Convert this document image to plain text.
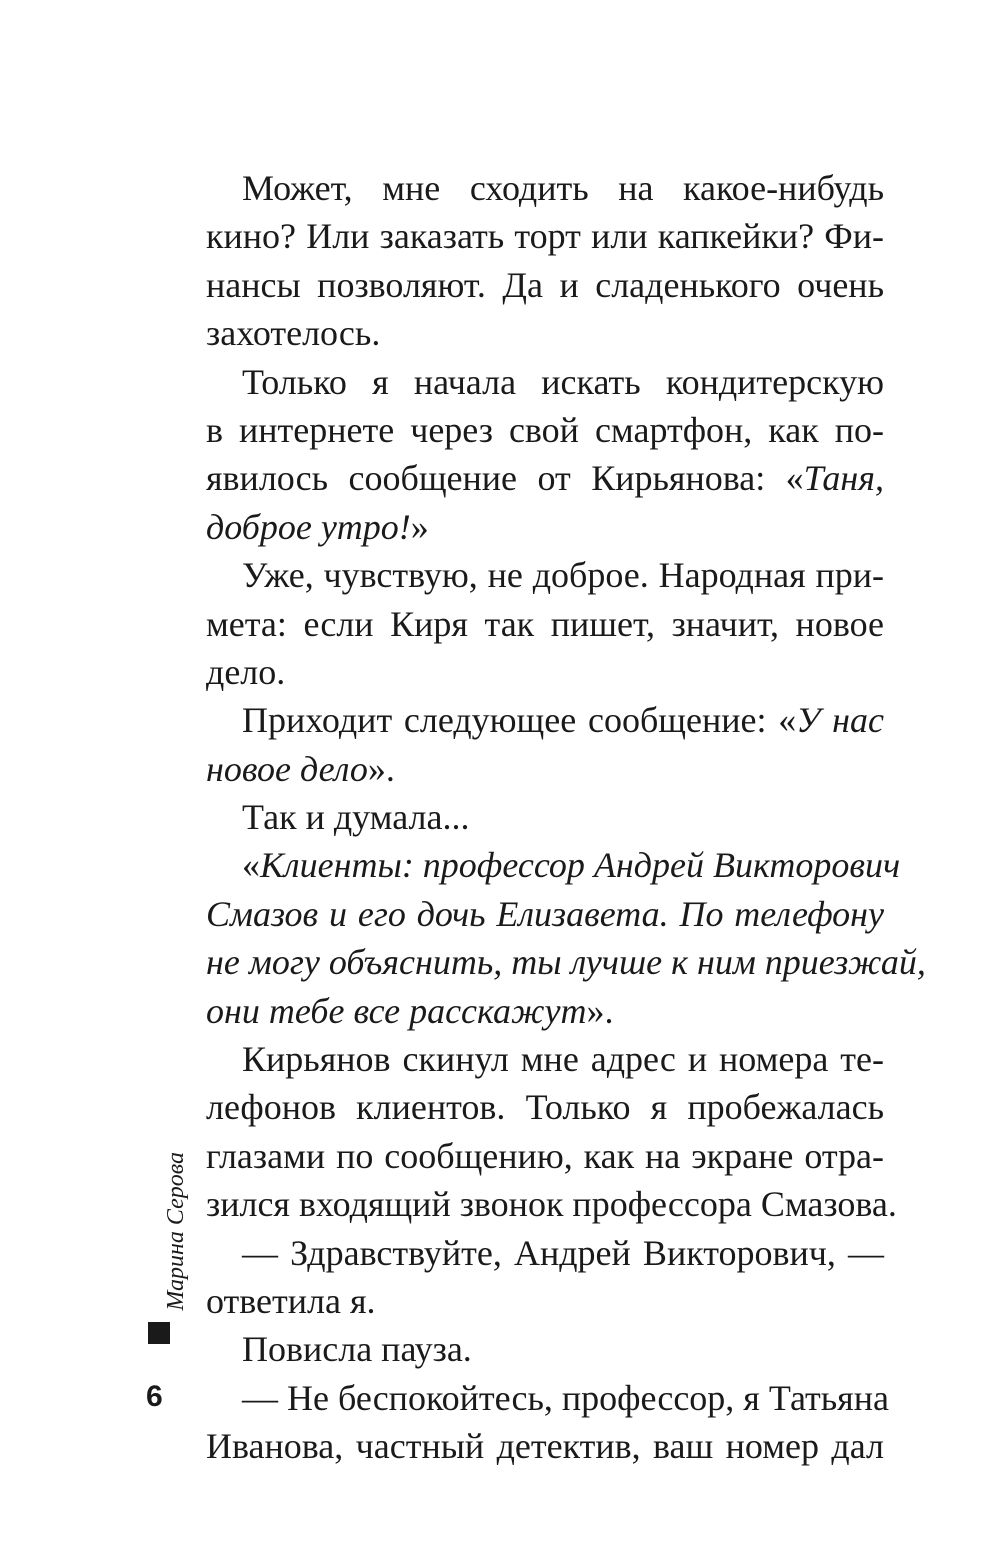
Может, мне сходить на какое-нибудь
кино? Или заказать торт или капкейки? Фи-
нансы позволяют. Да и сладенького очень
захотелось.
Только я начала искать кондитерскую
в интернете через свой смартфон, как по-
явилось сообщение от Кирьянова: «Таня,
доброе утро!»
Уже, чувствую, не доброе. Народная при-
мета: если Киря так пишет, значит, новое
дело.
Приходит следующее сообщение: «У нас
новое дело».
Так и думала...
«Клиенты: профессор Андрей Викторович
Смазов и его дочь Елизавета. По телефону
не могу объяснить, ты лучше к ним приезжай,
они тебе все расскажут».
Кирьянов скинул мне адрес и номера те-
лефонов клиентов. Только я пробежалась
глазами по сообщению, как на экране отра-
зился входящий звонок профессора Смазова.
— Здравствуйте, Андрей Викторович, —
ответила я.
Повисла пауза.
— Не беспокойтесь, профессор, я Татьяна
Иванова, частный детектив, ваш номер дал
Марина Серова
6
